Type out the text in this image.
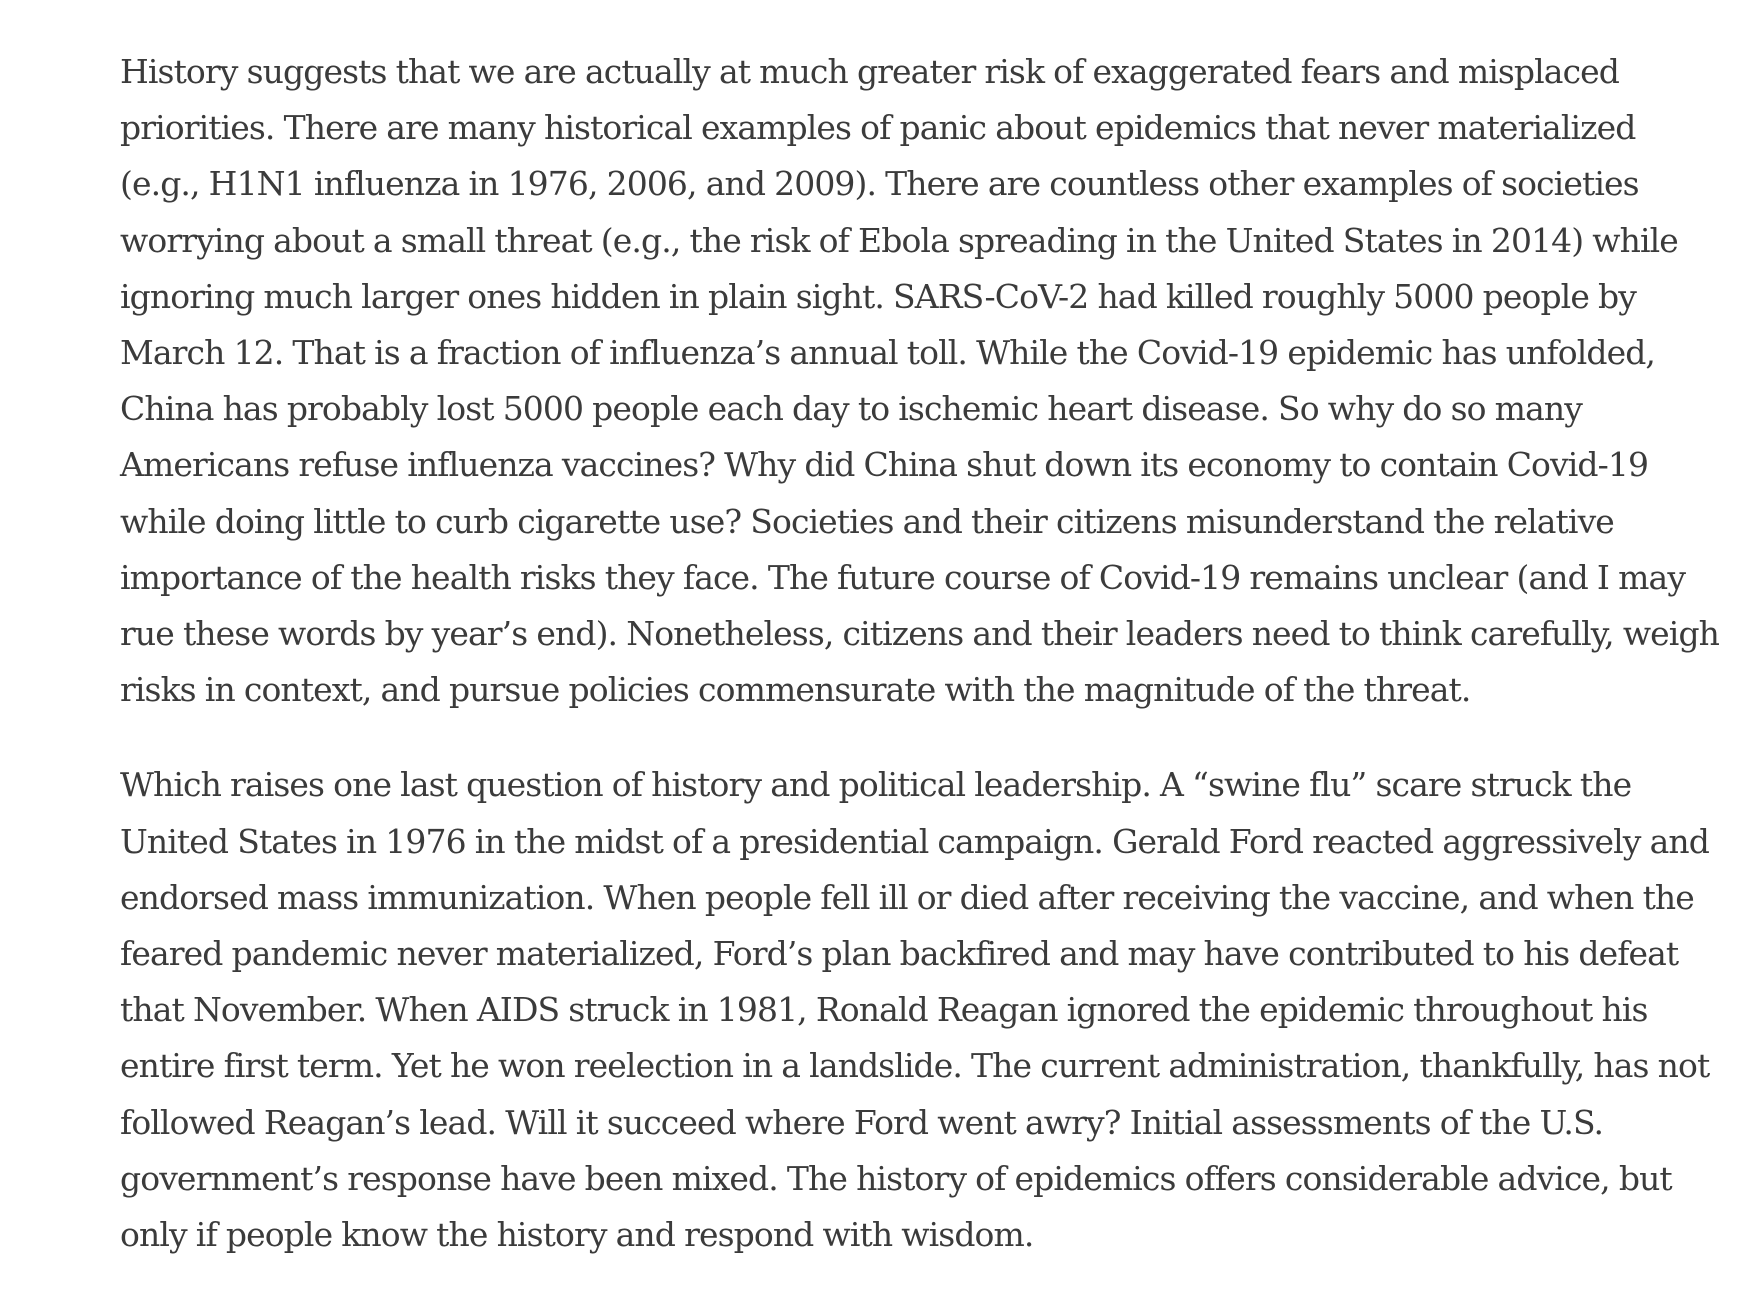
History suggests that we are actually at much greater risk of exaggerated fears and misplaced
priorities. There are many historical examples of panic about epidemics that never materialized
(e.g., H1N1 influenza in 1976, 2006, and 2009). There are countless other examples of societies
worrying about a small threat (e.g., the risk of Ebola spreading in the United States in 2014) while
ignoring much larger ones hidden in plain sight. SARS-CoV-2 had killed roughly 5000 people by
March 12. That is a fraction of influenza’s annual toll. While the Covid-19 epidemic has unfolded,
China has probably lost 5000 people each day to ischemic heart disease. So why do so many
Americans refuse influenza vaccines? Why did China shut down its economy to contain Covid-19
while doing little to curb cigarette use? Societies and their citizens misunderstand the relative
importance of the health risks they face. The future course of Covid-19 remains unclear (and I may
rue these words by year’s end). Nonetheless, citizens and their leaders need to think carefully, weigh
risks in context, and pursue policies commensurate with the magnitude of the threat.

Which raises one last question of history and political leadership. A “swine flu” scare struck the
United States in 1976 in the midst of a presidential campaign. Gerald Ford reacted aggressively and
endorsed mass immunization. When people fell ill or died after receiving the vaccine, and when the
feared pandemic never materialized, Ford’s plan backfired and may have contributed to his defeat
that November. When AIDS struck in 1981, Ronald Reagan ignored the epidemic throughout his
entire first term. Yet he won reelection in a landslide. The current administration, thankfully, has not
followed Reagan’s lead. Will it succeed where Ford went awry? Initial assessments of the U.S.
government’s response have been mixed. The history of epidemics offers considerable advice, but
only if people know the history and respond with wisdom.
